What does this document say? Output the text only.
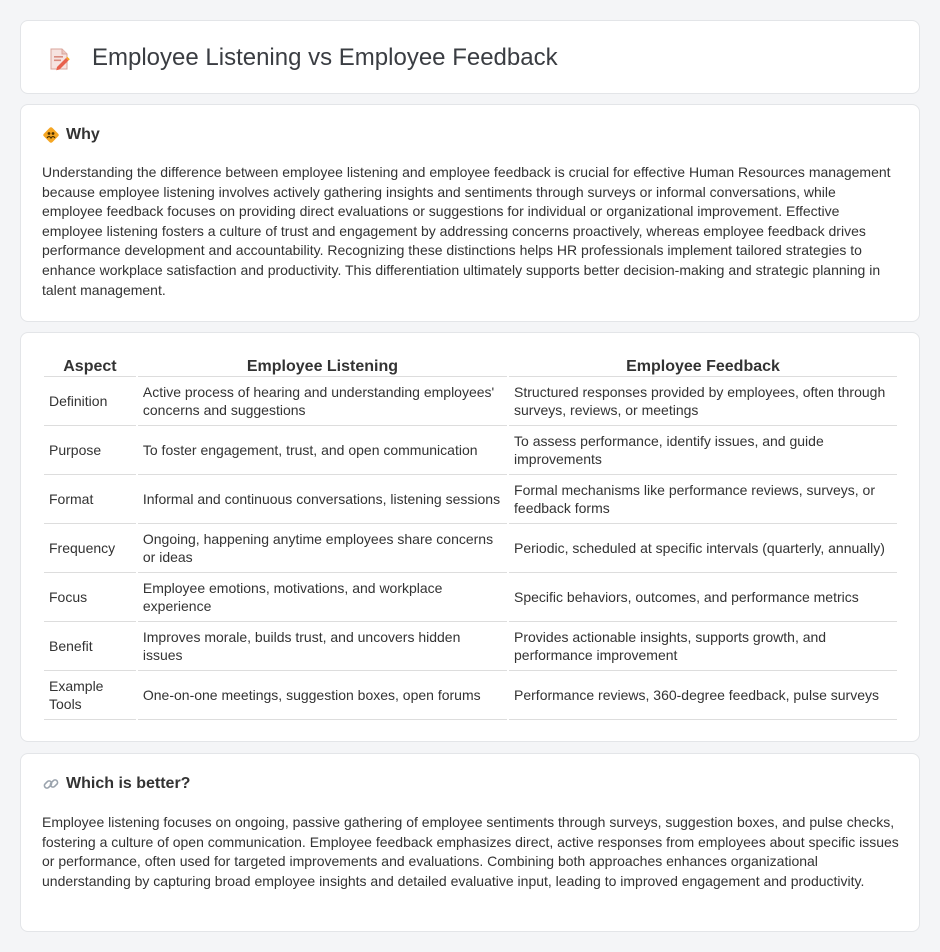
Employee Listening vs Employee Feedback
Why

Understanding the difference between employee listening and employee feedback is crucial for effective Human Resources management because employee listening involves actively gathering insights and sentiments through surveys or informal conversations, while employee feedback focuses on providing direct evaluations or suggestions for individual or organizational improvement. Effective employee listening fosters a culture of trust and engagement by addressing concerns proactively, whereas employee feedback drives performance development and accountability. Recognizing these distinctions helps HR professionals implement tailored strategies to enhance workplace satisfaction and productivity. This differentiation ultimately supports better decision-making and strategic planning in talent management.

Aspect	Employee Listening	Employee Feedback
Definition	Active process of hearing and understanding employees' concerns and suggestions	Structured responses provided by employees, often through surveys, reviews, or meetings
Purpose	To foster engagement, trust, and open communication	To assess performance, identify issues, and guide improvements
Format	Informal and continuous conversations, listening sessions	Formal mechanisms like performance reviews, surveys, or feedback forms
Frequency	Ongoing, happening anytime employees share concerns or ideas	Periodic, scheduled at specific intervals (quarterly, annually)
Focus	Employee emotions, motivations, and workplace experience	Specific behaviors, outcomes, and performance metrics
Benefit	Improves morale, builds trust, and uncovers hidden issues	Provides actionable insights, supports growth, and performance improvement
Example Tools	One-on-one meetings, suggestion boxes, open forums	Performance reviews, 360-degree feedback, pulse surveys
Which is better?

Employee listening focuses on ongoing, passive gathering of employee sentiments through surveys, suggestion boxes, and pulse checks, fostering a culture of open communication. Employee feedback emphasizes direct, active responses from employees about specific issues or performance, often used for targeted improvements and evaluations. Combining both approaches enhances organizational understanding by capturing broad employee insights and detailed evaluative input, leading to improved engagement and productivity.
